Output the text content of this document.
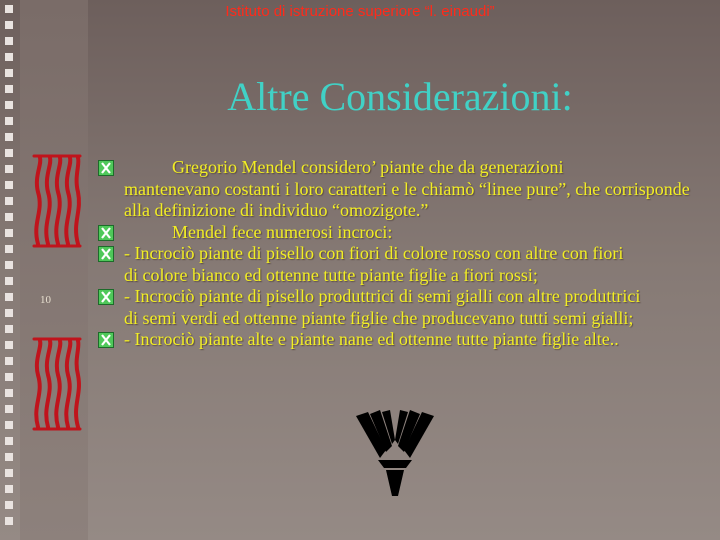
10
Istituto di istruzione superiore “l. einaudi”
Altre Considerazioni:
Gregorio Mendel considero’ piante che da generazioni
mantenevano costanti i loro caratteri e le chiamò “linee pure”, che corrisponde alla definizione di individuo “omozigote.”
Mendel fece numerosi incroci:
- Incrociò piante di pisello con fiori di colore rosso con altre con fiori
di colore bianco ed ottenne tutte piante figlie a fiori rossi;
- Incrociò piante di pisello produttrici di semi gialli con altre produttrici
di semi verdi ed ottenne piante figlie che producevano tutti semi gialli;
- Incrociò piante alte e piante nane ed ottenne tutte piante figlie alte..
